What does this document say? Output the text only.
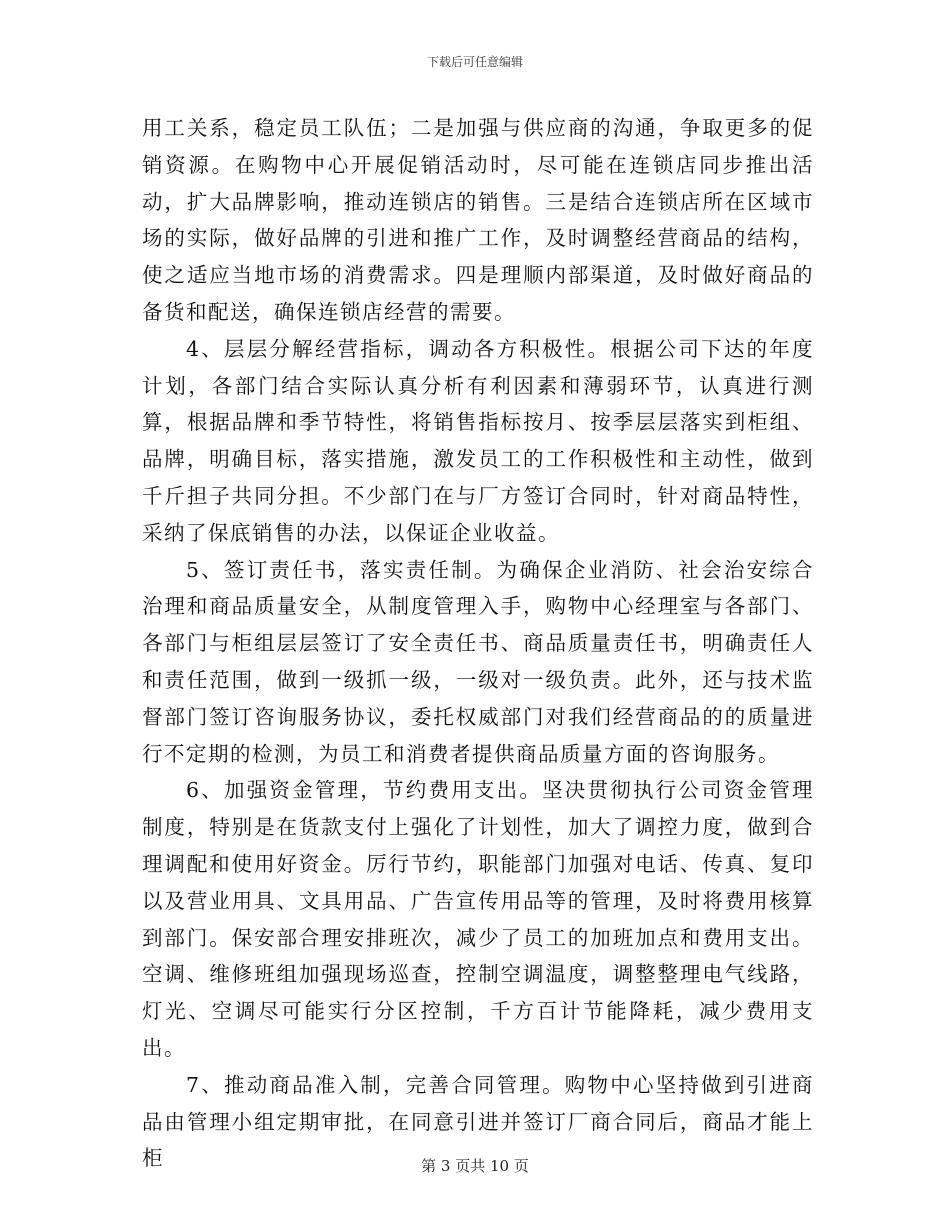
下载后可任意编辑

用工关系，稳定员工队伍；二是加强与供应商的沟通，争取更多的促销资源。在购物中心开展促销活动时，尽可能在连锁店同步推出活动，扩大品牌影响，推动连锁店的销售。三是结合连锁店所在区域市场的实际，做好品牌的引进和推广工作，及时调整经营商品的结构，使之适应当地市场的消费需求。四是理顺内部渠道，及时做好商品的备货和配送，确保连锁店经营的需要。

4、层层分解经营指标，调动各方积极性。根据公司下达的年度计划，各部门结合实际认真分析有利因素和薄弱环节，认真进行测算，根据品牌和季节特性，将销售指标按月、按季层层落实到柜组、品牌，明确目标，落实措施，激发员工的工作积极性和主动性，做到千斤担子共同分担。不少部门在与厂方签订合同时，针对商品特性，采纳了保底销售的办法，以保证企业收益。

5、签订责任书，落实责任制。为确保企业消防、社会治安综合治理和商品质量安全，从制度管理入手，购物中心经理室与各部门、各部门与柜组层层签订了安全责任书、商品质量责任书，明确责任人和责任范围，做到一级抓一级，一级对一级负责。此外，还与技术监督部门签订咨询服务协议，委托权威部门对我们经营商品的的质量进行不定期的检测，为员工和消费者提供商品质量方面的咨询服务。

6、加强资金管理，节约费用支出。坚决贯彻执行公司资金管理制度，特别是在货款支付上强化了计划性，加大了调控力度，做到合理调配和使用好资金。厉行节约，职能部门加强对电话、传真、复印以及营业用具、文具用品、广告宣传用品等的管理，及时将费用核算到部门。保安部合理安排班次，减少了员工的加班加点和费用支出。空调、维修班组加强现场巡查，控制空调温度，调整整理电气线路，灯光、空调尽可能实行分区控制，千方百计节能降耗，减少费用支出。

7、推动商品准入制，完善合同管理。购物中心坚持做到引进商品由管理小组定期审批，在同意引进并签订厂商合同后，商品才能上柜	第 3 页共 10 页
